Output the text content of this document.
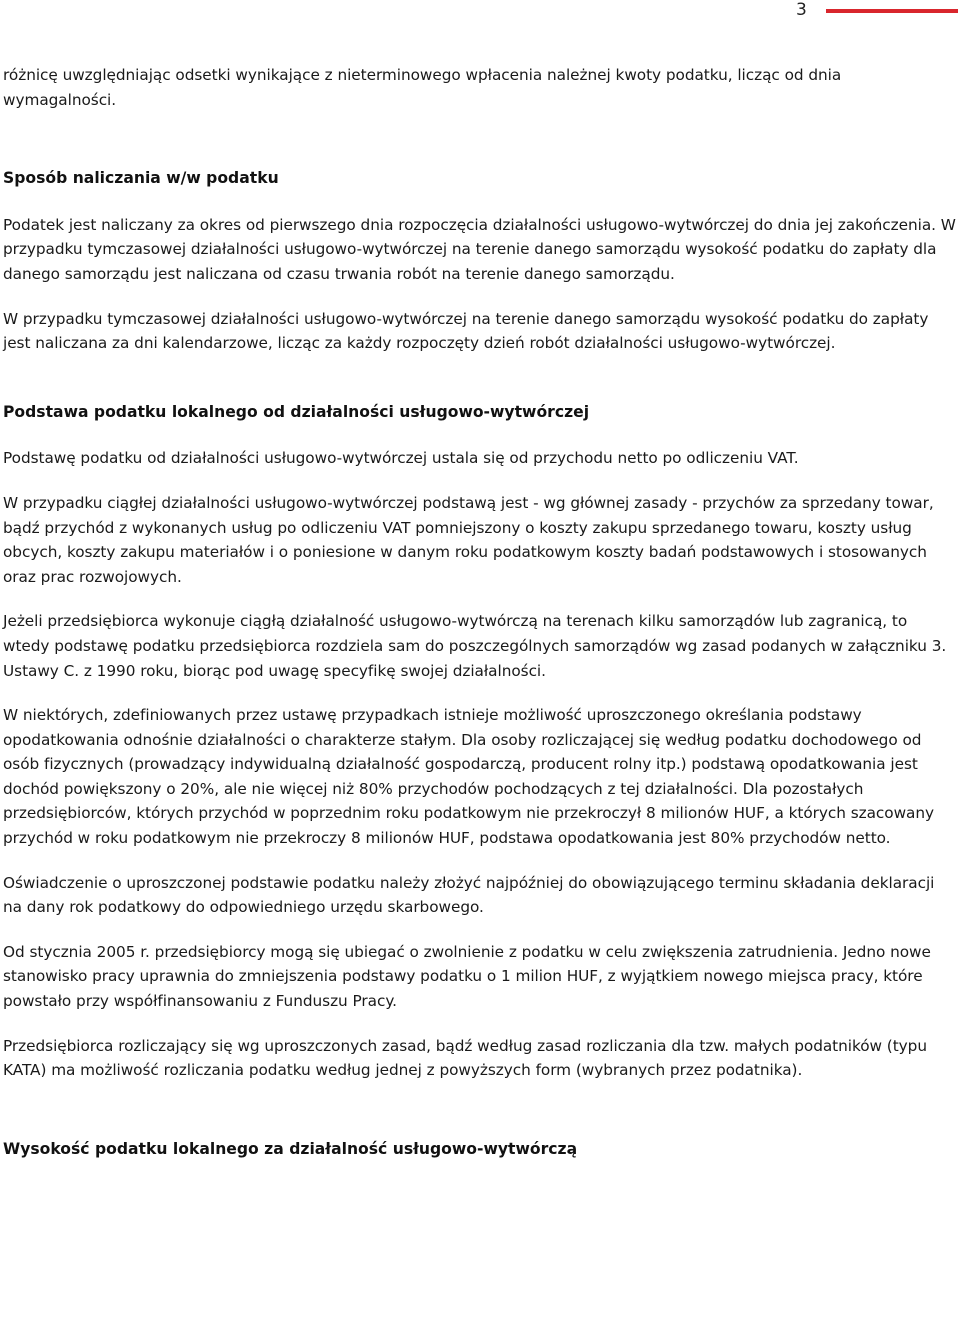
3

różnicę uwzględniając odsetki wynikające z nieterminowego wpłacenia należnej kwoty podatku, licząc od dnia wymagalności.

Sposób naliczania w/w podatku

Podatek jest naliczany za okres od pierwszego dnia rozpoczęcia działalności usługowo-wytwórczej do dnia jej zakończenia. W przypadku tymczasowej działalności usługowo-wytwórczej na terenie danego samorządu wysokość podatku do zapłaty dla danego samorządu jest naliczana od czasu trwania robót na terenie danego samorządu.

W przypadku tymczasowej działalności usługowo-wytwórczej na terenie danego samorządu wysokość podatku do zapłaty jest naliczana za dni kalendarzowe, licząc za każdy rozpoczęty dzień robót działalności usługowo-wytwórczej.

Podstawa podatku lokalnego od działalności usługowo-wytwórczej

Podstawę podatku od działalności usługowo-wytwórczej ustala się od przychodu netto po odliczeniu VAT.

W przypadku ciągłej działalności usługowo-wytwórczej podstawą jest - wg głównej zasady - przychów za sprzedany towar, bądź przychód z wykonanych usług po odliczeniu VAT pomniejszony o koszty zakupu sprzedanego towaru, koszty usług obcych, koszty zakupu materiałów i o poniesione w danym roku podatkowym koszty badań podstawowych i stosowanych oraz prac rozwojowych.

Jeżeli przedsiębiorca wykonuje ciągłą działalność usługowo-wytwórczą na terenach kilku samorządów lub zagranicą, to wtedy podstawę podatku przedsiębiorca rozdziela sam do poszczególnych samorządów wg zasad podanych w załączniku 3. Ustawy C. z 1990 roku, biorąc pod uwagę specyfikę swojej działalności.

W niektórych, zdefiniowanych przez ustawę przypadkach istnieje możliwość uproszczonego określania podstawy opodatkowania odnośnie działalności o charakterze stałym. Dla osoby rozliczającej się według podatku dochodowego od osób fizycznych (prowadzący indywidualną działalność gospodarczą, producent rolny itp.) podstawą opodatkowania jest dochód powiększony o 20%, ale nie więcej niż 80% przychodów pochodzących z tej działalności. Dla pozostałych przedsiębiorców, których przychód w poprzednim roku podatkowym nie przekroczył 8 milionów HUF, a których szacowany przychód w roku podatkowym nie przekroczy 8 milionów HUF, podstawa opodatkowania jest 80% przychodów netto.

Oświadczenie o uproszczonej podstawie podatku należy złożyć najpóźniej do obowiązującego terminu składania deklaracji na dany rok podatkowy do odpowiedniego urzędu skarbowego.

Od stycznia 2005 r. przedsiębiorcy mogą się ubiegać o zwolnienie z podatku w celu zwiększenia zatrudnienia. Jedno nowe stanowisko pracy uprawnia do zmniejszenia podstawy podatku o 1 milion HUF, z wyjątkiem nowego miejsca pracy, które powstało przy współfinansowaniu z Funduszu Pracy.

Przedsiębiorca rozliczający się wg uproszczonych zasad, bądź według zasad rozliczania dla tzw. małych podatników (typu KATA) ma możliwość rozliczania podatku według jednej z powyższych form (wybranych przez podatnika).

Wysokość podatku lokalnego za działalność usługowo-wytwórczą
